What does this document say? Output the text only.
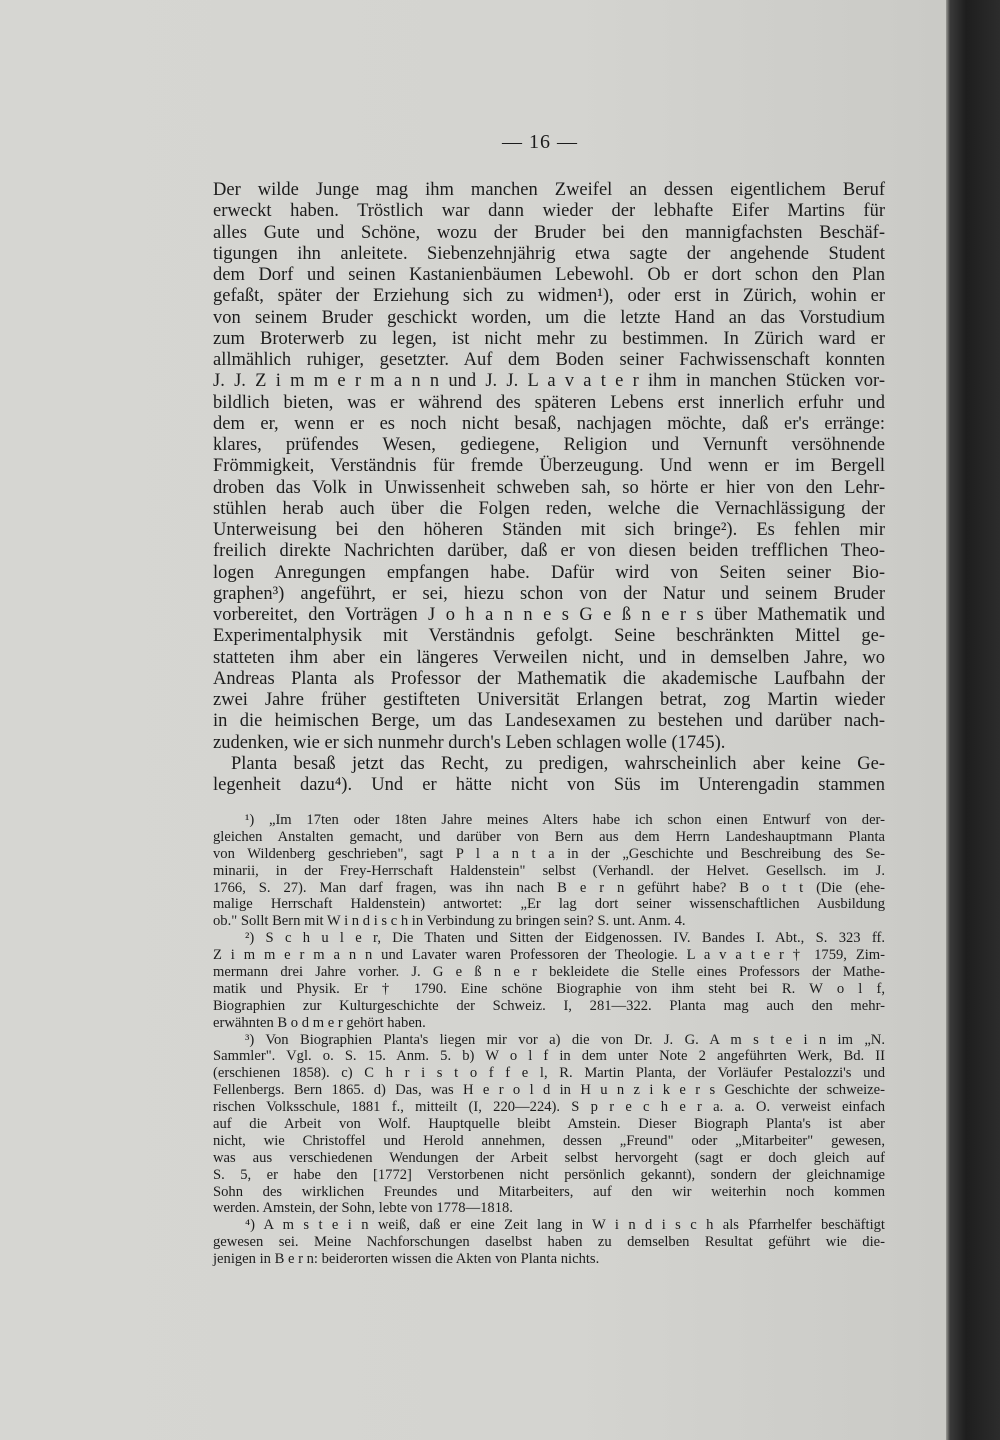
— 16 —
Der wilde Junge mag ihm manchen Zweifel an dessen eigentlichem Beruf
erweckt haben. Tröstlich war dann wieder der lebhafte Eifer Martins für
alles Gute und Schöne, wozu der Bruder bei den mannigfachsten Beschäf-
tigungen ihn anleitete. Siebenzehnjährig etwa sagte der angehende Student
dem Dorf und seinen Kastanienbäumen Lebewohl. Ob er dort schon den Plan
gefaßt, später der Erziehung sich zu widmen¹), oder erst in Zürich, wohin er
von seinem Bruder geschickt worden, um die letzte Hand an das Vorstudium
zum Broterwerb zu legen, ist nicht mehr zu bestimmen. In Zürich ward er
allmählich ruhiger, gesetzter. Auf dem Boden seiner Fachwissenschaft konnten
J. J. Z i m m e r m a n n und J. J. L a v a t e r ihm in manchen Stücken vor-
bildlich bieten, was er während des späteren Lebens erst innerlich erfuhr und
dem er, wenn er es noch nicht besaß, nachjagen möchte, daß er's erränge:
klares, prüfendes Wesen, gediegene, Religion und Vernunft versöhnende
Frömmigkeit, Verständnis für fremde Überzeugung. Und wenn er im Bergell
droben das Volk in Unwissenheit schweben sah, so hörte er hier von den Lehr-
stühlen herab auch über die Folgen reden, welche die Vernachlässigung der
Unterweisung bei den höheren Ständen mit sich bringe²). Es fehlen mir
freilich direkte Nachrichten darüber, daß er von diesen beiden trefflichen Theo-
logen Anregungen empfangen habe. Dafür wird von Seiten seiner Bio-
graphen³) angeführt, er sei, hiezu schon von der Natur und seinem Bruder
vorbereitet, den Vorträgen J o h a n n e s G e ß n e r s über Mathematik und
Experimentalphysik mit Verständnis gefolgt. Seine beschränkten Mittel ge-
statteten ihm aber ein längeres Verweilen nicht, und in demselben Jahre, wo
Andreas Planta als Professor der Mathematik die akademische Laufbahn der
zwei Jahre früher gestifteten Universität Erlangen betrat, zog Martin wieder
in die heimischen Berge, um das Landesexamen zu bestehen und darüber nach-
zudenken, wie er sich nunmehr durch's Leben schlagen wolle (1745).
Planta besaß jetzt das Recht, zu predigen, wahrscheinlich aber keine Ge-
legenheit dazu⁴). Und er hätte nicht von Süs im Unterengadin stammen
¹) „Im 17ten oder 18ten Jahre meines Alters habe ich schon einen Entwurf von der-
gleichen Anstalten gemacht, und darüber von Bern aus dem Herrn Landeshauptmann Planta
von Wildenberg geschrieben", sagt P l a n t a in der „Geschichte und Beschreibung des Se-
minarii, in der Frey-Herrschaft Haldenstein" selbst (Verhandl. der Helvet. Gesellsch. im J.
1766, S. 27). Man darf fragen, was ihn nach B e r n geführt habe? B o t t (Die (ehe-
malige Herrschaft Haldenstein) antwortet: „Er lag dort seiner wissenschaftlichen Ausbildung
ob." Sollt Bern mit W i n d i s c h in Verbindung zu bringen sein? S. unt. Anm. 4.
²) S c h u l e r, Die Thaten und Sitten der Eidgenossen. IV. Bandes I. Abt., S. 323 ff.
Z i m m e r m a n n und Lavater waren Professoren der Theologie. L a v a t e r † 1759, Zim-
mermann drei Jahre vorher. J. G e ß n e r bekleidete die Stelle eines Professors der Mathe-
matik und Physik. Er † 1790. Eine schöne Biographie von ihm steht bei R. W o l f,
Biographien zur Kulturgeschichte der Schweiz. I, 281—322. Planta mag auch den mehr-
erwähnten B o d m e r gehört haben.
³) Von Biographien Planta's liegen mir vor a) die von Dr. J. G. A m s t e i n im „N.
Sammler". Vgl. o. S. 15. Anm. 5. b) W o l f in dem unter Note 2 angeführten Werk, Bd. II
(erschienen 1858). c) C h r i s t o f f e l, R. Martin Planta, der Vorläufer Pestalozzi's und
Fellenbergs. Bern 1865. d) Das, was H e r o l d in H u n z i k e r s Geschichte der schweize-
rischen Volksschule, 1881 f., mitteilt (I, 220—224). S p r e c h e r a. a. O. verweist einfach
auf die Arbeit von Wolf. Hauptquelle bleibt Amstein. Dieser Biograph Planta's ist aber
nicht, wie Christoffel und Herold annehmen, dessen „Freund" oder „Mitarbeiter" gewesen,
was aus verschiedenen Wendungen der Arbeit selbst hervorgeht (sagt er doch gleich auf
S. 5, er habe den [1772] Verstorbenen nicht persönlich gekannt), sondern der gleichnamige
Sohn des wirklichen Freundes und Mitarbeiters, auf den wir weiterhin noch kommen
werden. Amstein, der Sohn, lebte von 1778—1818.
⁴) A m s t e i n weiß, daß er eine Zeit lang in W i n d i s c h als Pfarrhelfer beschäftigt
gewesen sei. Meine Nachforschungen daselbst haben zu demselben Resultat geführt wie die-
jenigen in B e r n: beiderorten wissen die Akten von Planta nichts.
